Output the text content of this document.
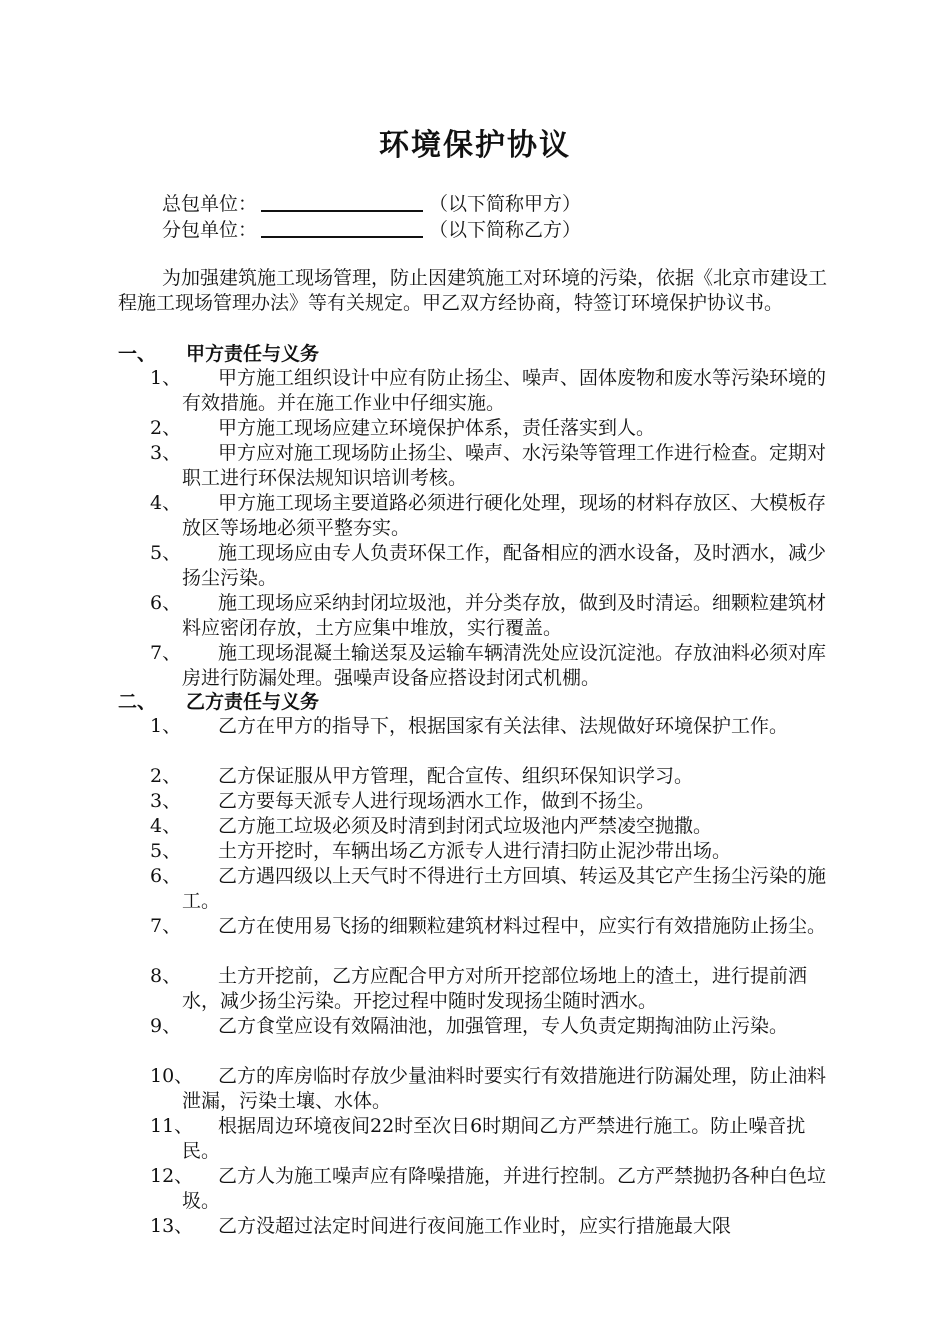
环境保护协议
总包单位：	（以下简称甲方）
分包单位：	（以下简称乙方）
为加强建筑施工现场管理，防止因建筑施工对环境的污染，依据《北京市建设工程施工现场管理办法》等有关规定。甲乙双方经协商，特签订环境保护协议书。
一、 甲方责任与义务
1、	甲方施工组织设计中应有防止扬尘、噪声、固体废物和废水等污染环境的有效措施。并在施工作业中仔细实施。
2、	甲方施工现场应建立环境保护体系，责任落实到人。
3、	甲方应对施工现场防止扬尘、噪声、水污染等管理工作进行检查。定期对职工进行环保法规知识培训考核。
4、	甲方施工现场主要道路必须进行硬化处理，现场的材料存放区、大模板存放区等场地必须平整夯实。
5、	施工现场应由专人负责环保工作，配备相应的洒水设备，及时洒水，减少扬尘污染。
6、	施工现场应采纳封闭垃圾池，并分类存放，做到及时清运。细颗粒建筑材料应密闭存放，土方应集中堆放，实行覆盖。
7、	施工现场混凝土输送泵及运输车辆清洗处应设沉淀池。存放油料必须对库房进行防漏处理。强噪声设备应搭设封闭式机棚。
二、 乙方责任与义务
1、	乙方在甲方的指导下，根据国家有关法律、法规做好环境保护工作。
2、	乙方保证服从甲方管理，配合宣传、组织环保知识学习。
3、	乙方要每天派专人进行现场洒水工作，做到不扬尘。
4、	乙方施工垃圾必须及时清到封闭式垃圾池内严禁凌空抛撒。
5、	土方开挖时，车辆出场乙方派专人进行清扫防止泥沙带出场。
6、	乙方遇四级以上天气时不得进行土方回填、转运及其它产生扬尘污染的施工。
7、	乙方在使用易飞扬的细颗粒建筑材料过程中，应实行有效措施防止扬尘。
8、	土方开挖前，乙方应配合甲方对所开挖部位场地上的渣土，进行提前洒水，减少扬尘污染。开挖过程中随时发现扬尘随时洒水。
9、	乙方食堂应设有效隔油池，加强管理，专人负责定期掏油防止污染。
10、	乙方的库房临时存放少量油料时要实行有效措施进行防漏处理，防止油料泄漏，污染土壤、水体。
11、	根据周边环境夜间22时至次日6时期间乙方严禁进行施工。防止噪音扰民。
12、	乙方人为施工噪声应有降噪措施，并进行控制。乙方严禁抛扔各种白色垃圾。
13、	乙方没超过法定时间进行夜间施工作业时，应实行措施最大限
